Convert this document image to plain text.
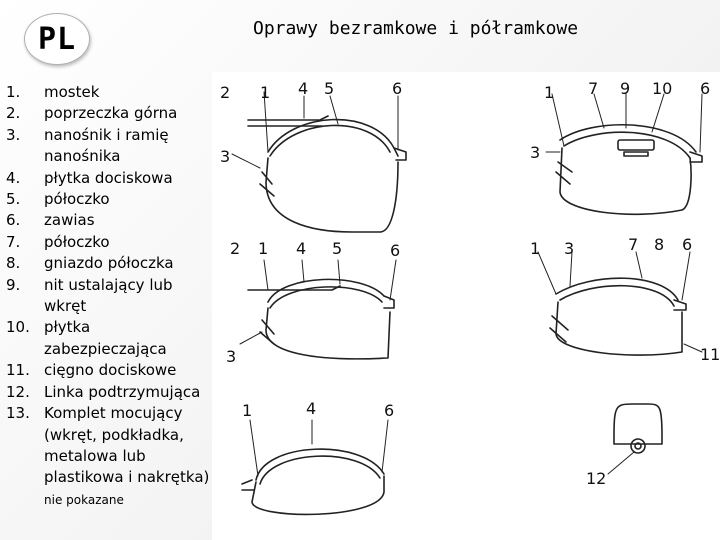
PL	Oprawy bezramkowe i półramkowe
1.	mostek
2.	poprzeczka górna
3.	nanośnik i ramię nanośnika
4.	płytka dociskowa
5.	półoczko
6.	zawias
7.	półoczko
8.	gniazdo półoczka
9.	nit ustalający lub wkręt
10. płytka zabezpieczająca
11. cięgno dociskowe
12. Linka podtrzymująca
13. Komplet mocujący (wkręt, podkładka, metalowa lub plastikowa i nakrętka) nie pokazane
2 1 4 5	6
3
1 7 9 10 6
3
2 1 4 5	6
3
1 3	7 8 6
11
1	4	6
12
